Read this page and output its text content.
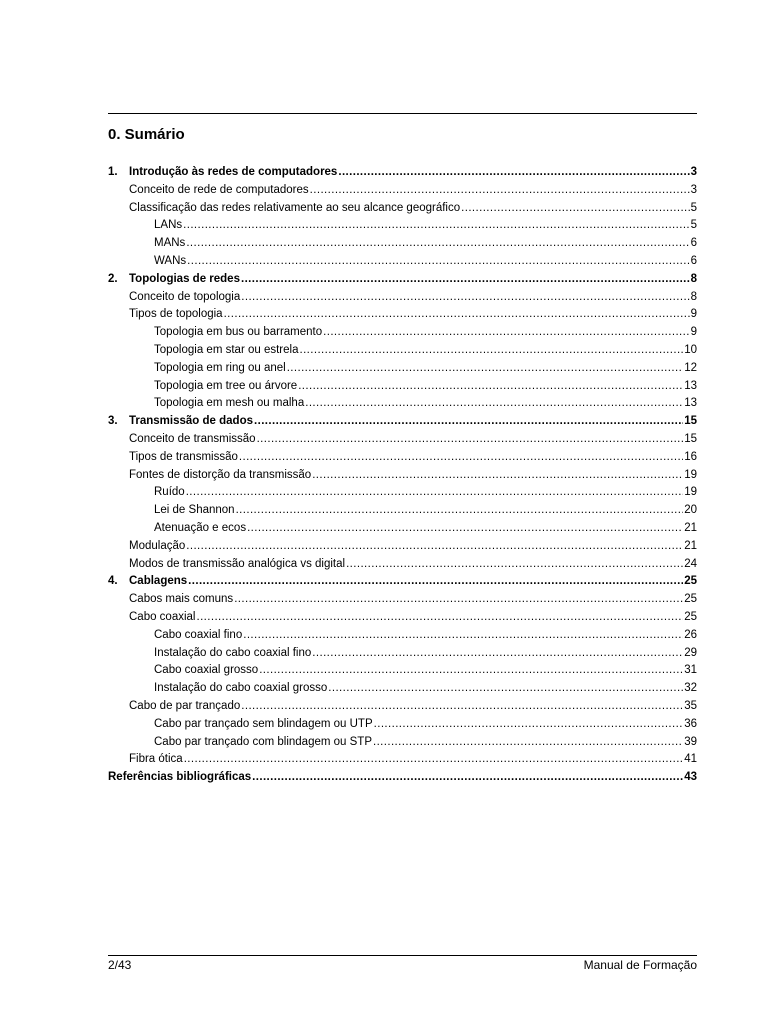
0. Sumário
1. Introdução às redes de computadores .....	3
Conceito de rede de computadores .....	3
Classificação das redes relativamente ao seu alcance geográfico .....	5
LANs .....	5
MANs .....	6
WANs .....	6
2. Topologias de redes .....	8
Conceito de topologia .....	8
Tipos de topologia .....	9
Topologia em bus ou barramento .....	9
Topologia em star ou estrela .....	10
Topologia em ring ou anel .....	12
Topologia em tree ou árvore .....	13
Topologia em mesh ou malha .....	13
3. Transmissão de dados .....	15
Conceito de transmissão .....	15
Tipos de transmissão .....	16
Fontes de distorção da transmissão .....	19
Ruído .....	19
Lei de Shannon .....	20
Atenuação e ecos .....	21
Modulação .....	21
Modos de transmissão analógica vs digital .....	24
4. Cablagens .....	25
Cabos mais comuns .....	25
Cabo coaxial .....	25
Cabo coaxial fino .....	26
Instalação do cabo coaxial fino .....	29
Cabo coaxial grosso .....	31
Instalação do cabo coaxial grosso .....	32
Cabo de par trançado .....	35
Cabo par trançado sem blindagem ou UTP .....	36
Cabo par trançado com blindagem ou STP .....	39
Fibra ótica .....	41
Referências bibliográficas .....	43
2/43	Manual de Formação
